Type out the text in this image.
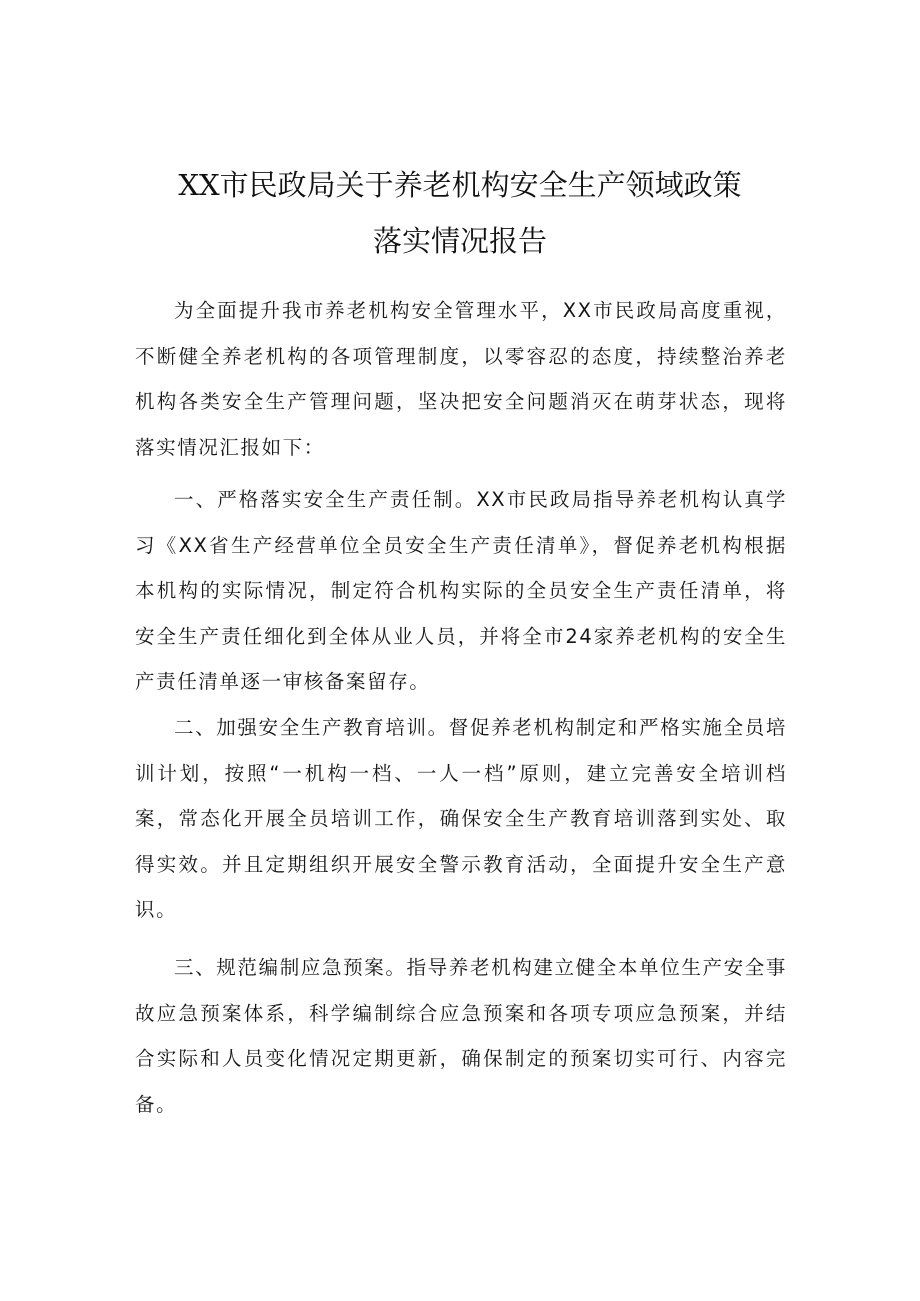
XX市民政局关于养老机构安全生产领域政策
落实情况报告

为全面提升我市养老机构安全管理水平，XX市民政局高度重视，不断健全养老机构的各项管理制度，以零容忍的态度，持续整治养老机构各类安全生产管理问题，坚决把安全问题消灭在萌芽状态，现将落实情况汇报如下：

一、严格落实安全生产责任制。XX市民政局指导养老机构认真学习《XX省生产经营单位全员安全生产责任清单》，督促养老机构根据本机构的实际情况，制定符合机构实际的全员安全生产责任清单，将安全生产责任细化到全体从业人员，并将全市24家养老机构的安全生产责任清单逐一审核备案留存。

二、加强安全生产教育培训。督促养老机构制定和严格实施全员培训计划，按照“一机构一档、一人一档”原则，建立完善安全培训档案，常态化开展全员培训工作，确保安全生产教育培训落到实处、取得实效。并且定期组织开展安全警示教育活动，全面提升安全生产意识。

三、规范编制应急预案。指导养老机构建立健全本单位生产安全事故应急预案体系，科学编制综合应急预案和各项专项应急预案，并结合实际和人员变化情况定期更新，确保制定的预案切实可行、内容完备。
